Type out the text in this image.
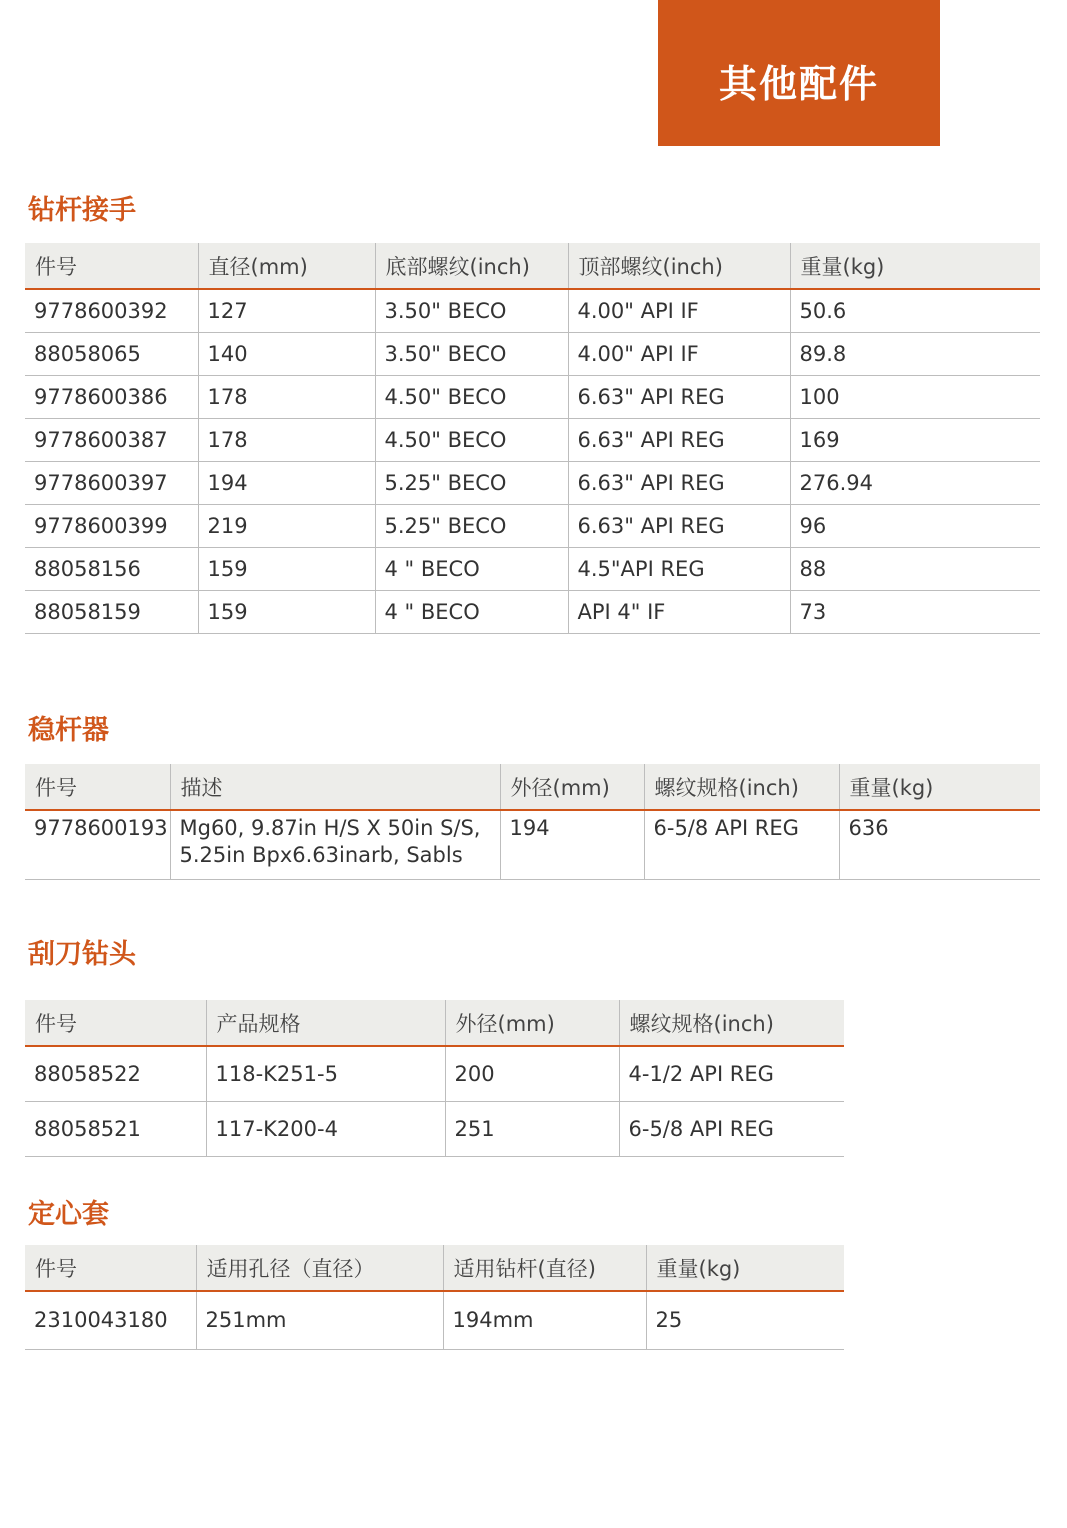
其他配件
钻杆接手
件号	直径(mm)	底部螺纹(inch)	顶部螺纹(inch)	重量(kg)
9778600392	127	3.50" BECO	4.00" API IF	50.6
88058065	140	3.50" BECO	4.00" API IF	89.8
9778600386	178	4.50" BECO	6.63" API REG	100
9778600387	178	4.50" BECO	6.63" API REG	169
9778600397	194	5.25" BECO	6.63" API REG	276.94
9778600399	219	5.25" BECO	6.63" API REG	96
88058156	159	4 " BECO	4.5"API REG	88
88058159	159	4 " BECO	API 4" IF	73
稳杆器
件号	描述	外径(mm)	螺纹规格(inch)	重量(kg)
9778600193	Mg60, 9.87in H/S X 50in S/S, 5.25in Bpx6.63inarb, Sabls	194	6-5/8 API REG	636
刮刀钻头
件号	产品规格	外径(mm)	螺纹规格(inch)
88058522	118-K251-5	200	4-1/2 API REG
88058521	117-K200-4	251	6-5/8 API REG
定心套
件号	适用孔径（直径）	适用钻杆(直径)	重量(kg)
2310043180	251mm	194mm	25
